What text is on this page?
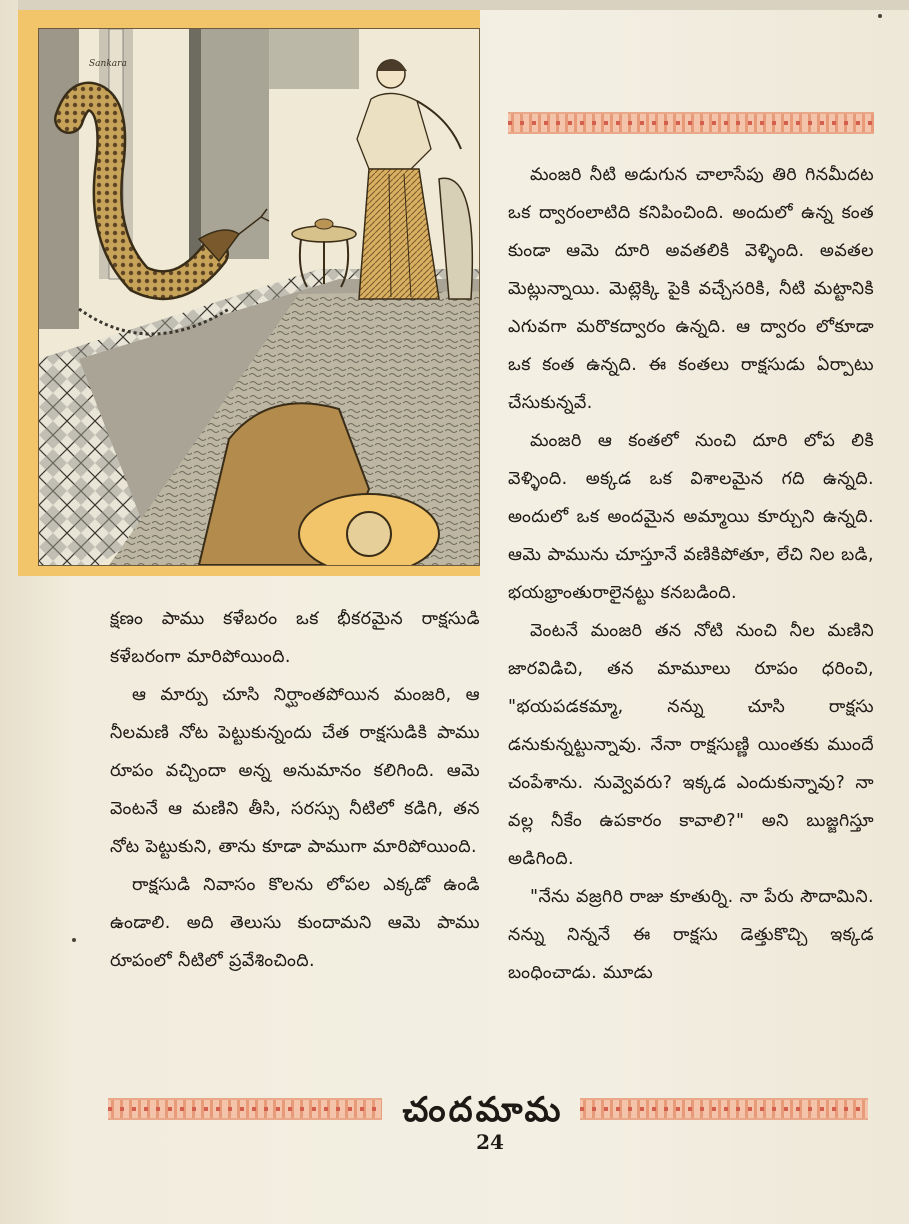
Sankara

మంజరి నీటి అడుగున చాలాసేపు తిరి గినమీదట ఒక ద్వారంలాటిది కనిపించింది. అందులో ఉన్న కంత కుండా ఆమె దూరి అవతలికి వెళ్ళింది. అవతల మెట్లున్నాయి. మెట్లెక్కి పైకి వచ్చేసరికి, నీటి మట్టానికి ఎగువగా మరొకద్వారం ఉన్నది. ఆ ద్వారం లోకూడా ఒక కంత ఉన్నది. ఈ కంతలు రాక్షసుడు ఏర్పాటు చేసుకున్నవే.

మంజరి ఆ కంతలో నుంచి దూరి లోప లికి వెళ్ళింది. అక్కడ ఒక విశాలమైన గది ఉన్నది. అందులో ఒక అందమైన అమ్మాయి కూర్చుని ఉన్నది. ఆమె పామును చూస్తూనే వణికిపోతూ, లేచి నిల బడి, భయభ్రాంతురాలైనట్టు కనబడింది.

వెంటనే మంజరి తన నోటి నుంచి నీల మణిని జారవిడిచి, తన మామూలు రూపం ధరించి, "భయపడకమ్మా, నన్ను చూసి రాక్షసు డనుకున్నట్టున్నావు. నేనా రాక్షసుణ్ణి యింతకు ముందే చంపేశాను. నువ్వెవరు? ఇక్కడ ఎందుకున్నావు? నా వల్ల నీకేం ఉపకారం కావాలి?" అని బుజ్జగిస్తూ అడిగింది.

"నేను వజ్రగిరి రాజు కూతుర్ని. నా పేరు సౌదామిని. నన్ను నిన్ననే ఈ రాక్షసు డెత్తుకొచ్చి ఇక్కడ బంధించాడు. మూడు

క్షణం పాము కళేబరం ఒక భీకరమైన రాక్షసుడి కళేబరంగా మారిపోయింది.

ఆ మార్పు చూసి నిర్ఘాంతపోయిన మంజరి, ఆ నీలమణి నోట పెట్టుకున్నందు చేత రాక్షసుడికి పాము రూపం వచ్చిందా అన్న అనుమానం కలిగింది. ఆమె వెంటనే ఆ మణిని తీసి, సరస్సు నీటిలో కడిగి, తన నోట పెట్టుకుని, తాను కూడా పాముగా మారిపోయింది.

రాక్షసుడి నివాసం కొలను లోపల ఎక్కడో ఉండి ఉండాలి. అది తెలుసు కుందామని ఆమె పాము రూపంలో నీటిలో ప్రవేశించింది.

చందమామ
24
